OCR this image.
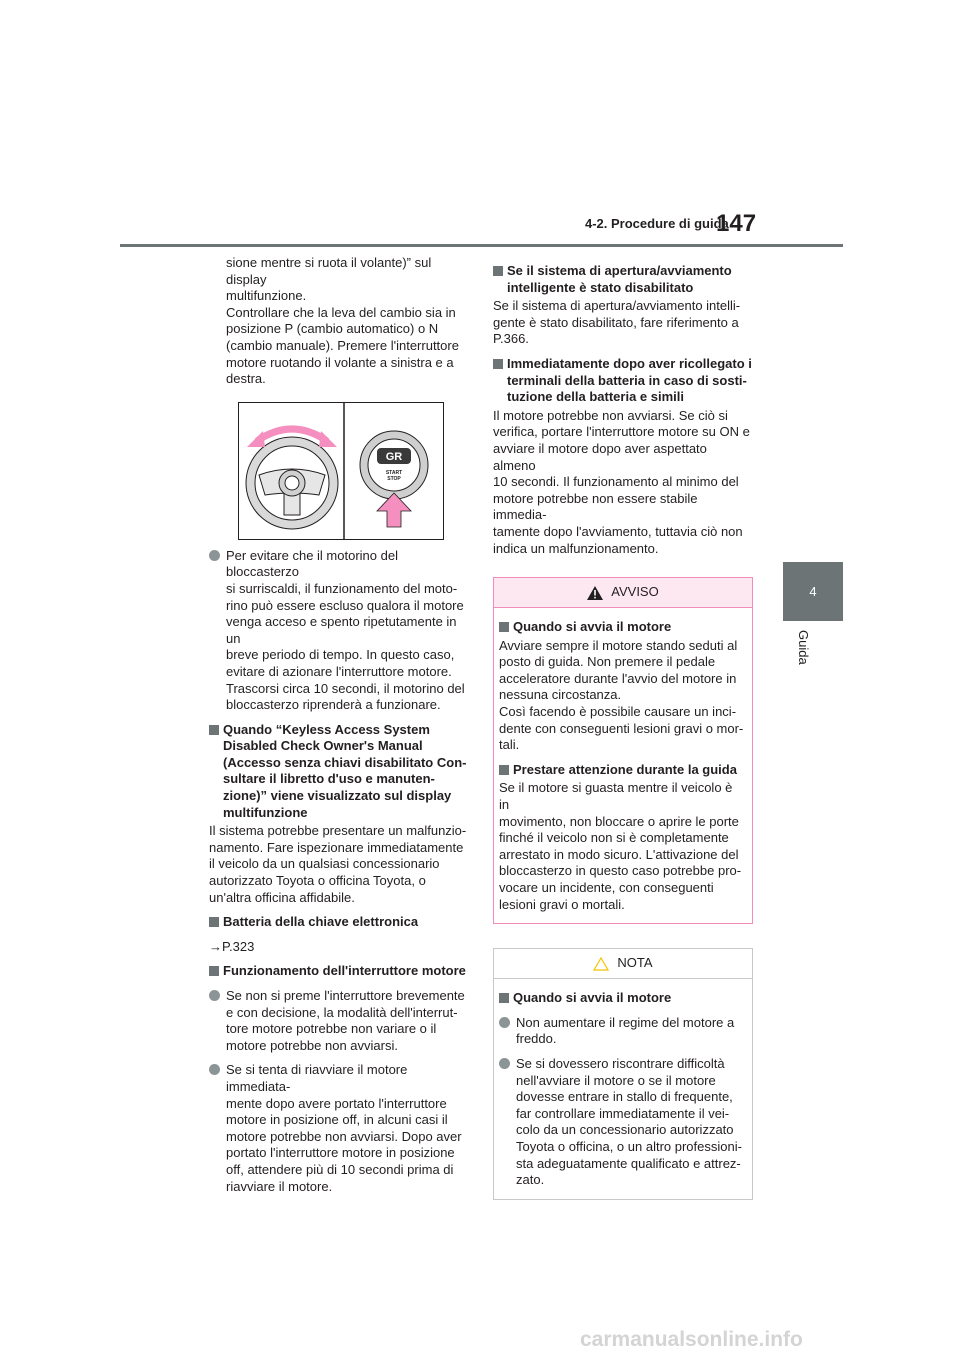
4-2. Procedure di guida
147
4
Guida

sione mentre si ruota il volante)” sul display

multifunzione.

Controllare che la leva del cambio sia in

posizione P (cambio automatico) o N

(cambio manuale). Premere l'interruttore

motore ruotando il volante a sinistra e a

destra.

GR
START
STOP

Per evitare che il motorino del bloccasterzo

si surriscaldi, il funzionamento del moto-

rino può essere escluso qualora il motore

venga acceso e spento ripetutamente in un

breve periodo di tempo. In questo caso,

evitare di azionare l'interruttore motore.

Trascorsi circa 10 secondi, il motorino del

bloccasterzo riprenderà a funzionare.

Quando “Keyless Access System

Disabled Check Owner's Manual

(Accesso senza chiavi disabilitato Con-

sultare il libretto d'uso e manuten-

zione)” viene visualizzato sul display

multifunzione

Il sistema potrebbe presentare un malfunzio-

namento. Fare ispezionare immediatamente

il veicolo da un qualsiasi concessionario

autorizzato Toyota o officina Toyota, o

un'altra officina affidabile.

Batteria della chiave elettronica

→P.323

Funzionamento dell'interruttore motore

Se non si preme l'interruttore brevemente

e con decisione, la modalità dell'interrut-

tore motore potrebbe non variare o il

motore potrebbe non avviarsi.

Se si tenta di riavviare il motore immediata-

mente dopo avere portato l'interruttore

motore in posizione off, in alcuni casi il

motore potrebbe non avviarsi. Dopo aver

portato l'interruttore motore in posizione

off, attendere più di 10 secondi prima di

riavviare il motore.

Se il sistema di apertura/avviamento

intelligente è stato disabilitato

Se il sistema di apertura/avviamento intelli-

gente è stato disabilitato, fare riferimento a

P.366.

Immediatamente dopo aver ricollegato i

terminali della batteria in caso di sosti-

tuzione della batteria e simili

Il motore potrebbe non avviarsi. Se ciò si

verifica, portare l'interruttore motore su ON e

avviare il motore dopo aver aspettato almeno

10 secondi. Il funzionamento al minimo del

motore potrebbe non essere stabile immedia-

tamente dopo l'avviamento, tuttavia ciò non

indica un malfunzionamento.

AVVISO

Quando si avvia il motore

Avviare sempre il motore stando seduti al

posto di guida. Non premere il pedale

acceleratore durante l'avvio del motore in

nessuna circostanza.

Così facendo è possibile causare un inci-

dente con conseguenti lesioni gravi o mor-

tali.

Prestare attenzione durante la guida

Se il motore si guasta mentre il veicolo è in

movimento, non bloccare o aprire le porte

finché il veicolo non si è completamente

arrestato in modo sicuro. L'attivazione del

bloccasterzo in questo caso potrebbe pro-

vocare un incidente, con conseguenti

lesioni gravi o mortali.

NOTA

Quando si avvia il motore

Non aumentare il regime del motore a

freddo.

Se si dovessero riscontrare difficoltà

nell'avviare il motore o se il motore

dovesse entrare in stallo di frequente,

far controllare immediatamente il vei-

colo da un concessionario autorizzato

Toyota o officina, o un altro professioni-

sta adeguatamente qualificato e attrez-

zato.

carmanualsonline.info
